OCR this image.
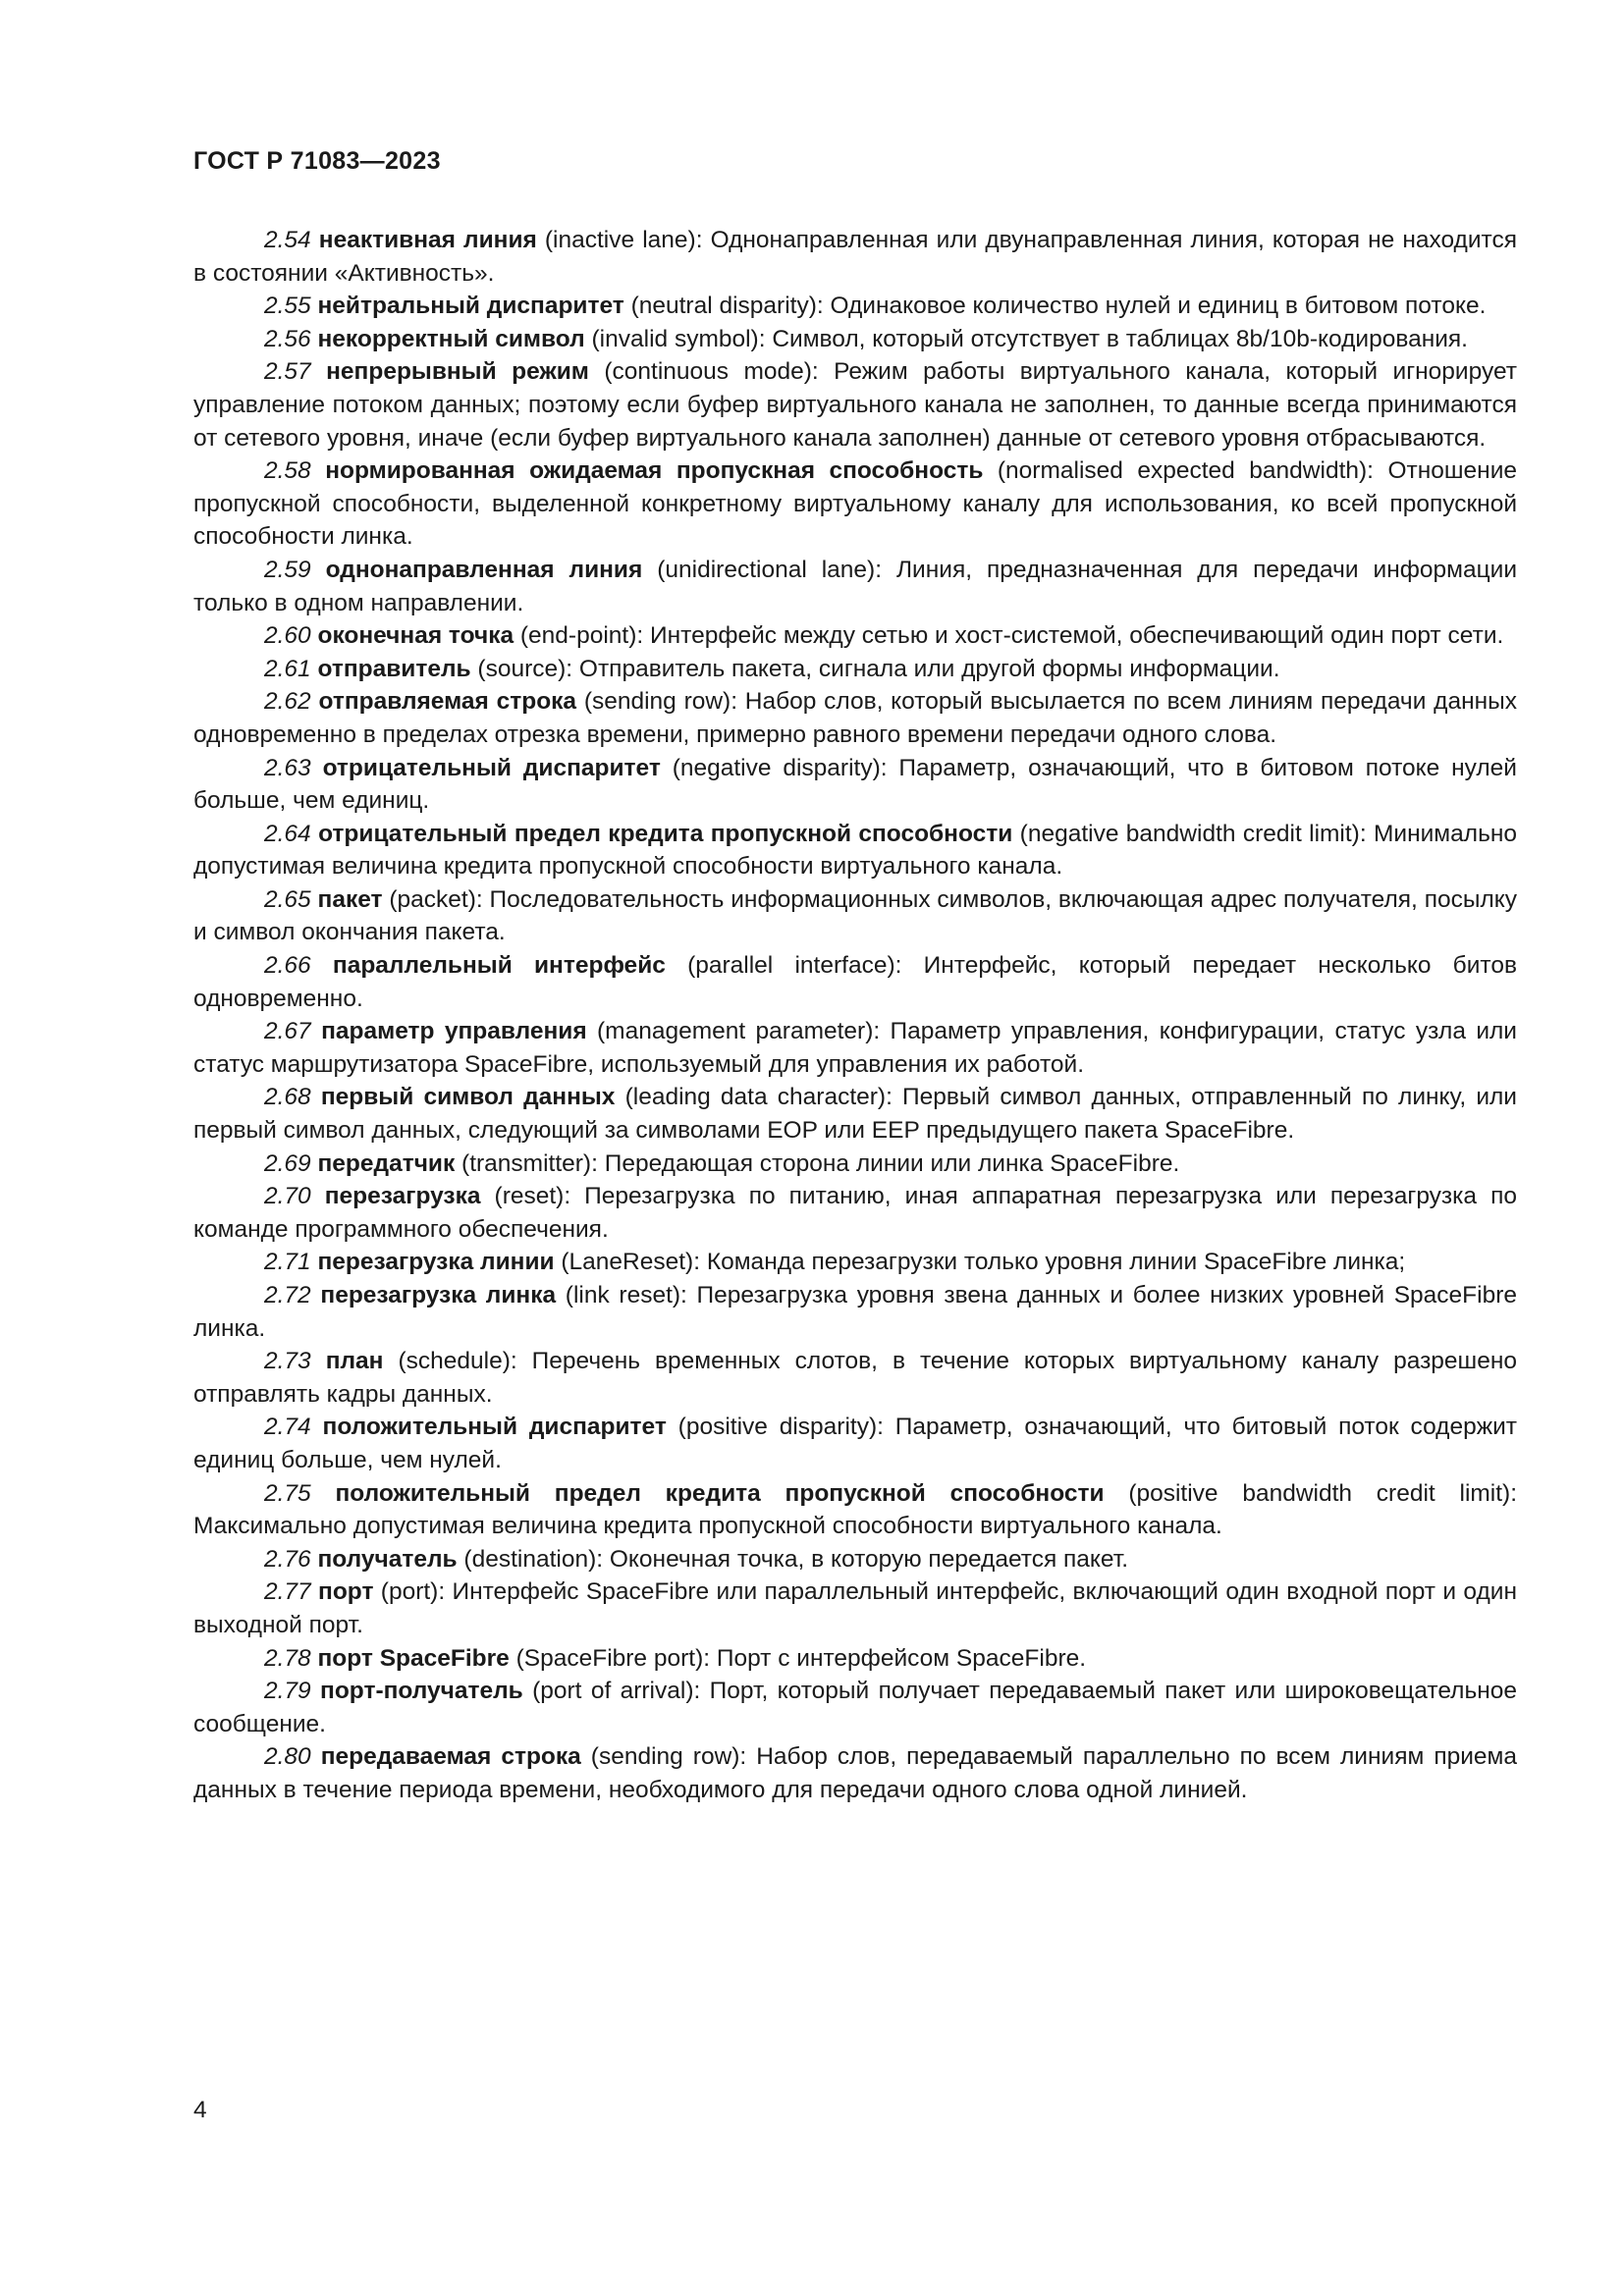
ГОСТ Р 71083—2023

2.54 неактивная линия (inactive lane): Однонаправленная или двунаправленная линия, которая не находится в состоянии «Активность».

2.55 нейтральный диспаритет (neutral disparity): Одинаковое количество нулей и единиц в битовом потоке.

2.56 некорректный символ (invalid symbol): Символ, который отсутствует в таблицах 8b/10b-кодирования.

2.57 непрерывный режим (continuous mode): Режим работы виртуального канала, который игнорирует управление потоком данных; поэтому если буфер виртуального канала не заполнен, то данные всегда принимаются от сетевого уровня, иначе (если буфер виртуального канала заполнен) данные от сетевого уровня отбрасываются.

2.58 нормированная ожидаемая пропускная способность (normalised expected bandwidth): Отношение пропускной способности, выделенной конкретному виртуальному каналу для использования, ко всей пропускной способности линка.

2.59 однонаправленная линия (unidirectional lane): Линия, предназначенная для передачи информации только в одном направлении.

2.60 оконечная точка (end-point): Интерфейс между сетью и хост-системой, обеспечивающий один порт сети.

2.61 отправитель (source): Отправитель пакета, сигнала или другой формы информации.

2.62 отправляемая строка (sending row): Набор слов, который высылается по всем линиям передачи данных одновременно в пределах отрезка времени, примерно равного времени передачи одного слова.

2.63 отрицательный диспаритет (negative disparity): Параметр, означающий, что в битовом потоке нулей больше, чем единиц.

2.64 отрицательный предел кредита пропускной способности (negative bandwidth credit limit): Минимально допустимая величина кредита пропускной способности виртуального канала.

2.65 пакет (packet): Последовательность информационных символов, включающая адрес получателя, посылку и символ окончания пакета.

2.66 параллельный интерфейс (parallel interface): Интерфейс, который передает несколько битов одновременно.

2.67 параметр управления (management parameter): Параметр управления, конфигурации, статус узла или статус маршрутизатора SpaceFibre, используемый для управления их работой.

2.68 первый символ данных (leading data character): Первый символ данных, отправленный по линку, или первый символ данных, следующий за символами EOP или EEP предыдущего пакета SpaceFibre.

2.69 передатчик (transmitter): Передающая сторона линии или линка SpaceFibre.

2.70 перезагрузка (reset): Перезагрузка по питанию, иная аппаратная перезагрузка или перезагрузка по команде программного обеспечения.

2.71 перезагрузка линии (LaneReset): Команда перезагрузки только уровня линии SpaceFibre линка;

2.72 перезагрузка линка (link reset): Перезагрузка уровня звена данных и более низких уровней SpaceFibre линка.

2.73 план (schedule): Перечень временных слотов, в течение которых виртуальному каналу разрешено отправлять кадры данных.

2.74 положительный диспаритет (positive disparity): Параметр, означающий, что битовый поток содержит единиц больше, чем нулей.

2.75 положительный предел кредита пропускной способности (positive bandwidth credit limit): Максимально допустимая величина кредита пропускной способности виртуального канала.

2.76 получатель (destination): Оконечная точка, в которую передается пакет.

2.77 порт (port): Интерфейс SpaceFibre или параллельный интерфейс, включающий один входной порт и один выходной порт.

2.78 порт SpaceFibre (SpaceFibre port): Порт с интерфейсом SpaceFibre.

2.79 порт-получатель (port of arrival): Порт, который получает передаваемый пакет или широковещательное сообщение.

2.80 передаваемая строка (sending row): Набор слов, передаваемый параллельно по всем линиям приема данных в течение периода времени, необходимого для передачи одного слова одной линией.

4
